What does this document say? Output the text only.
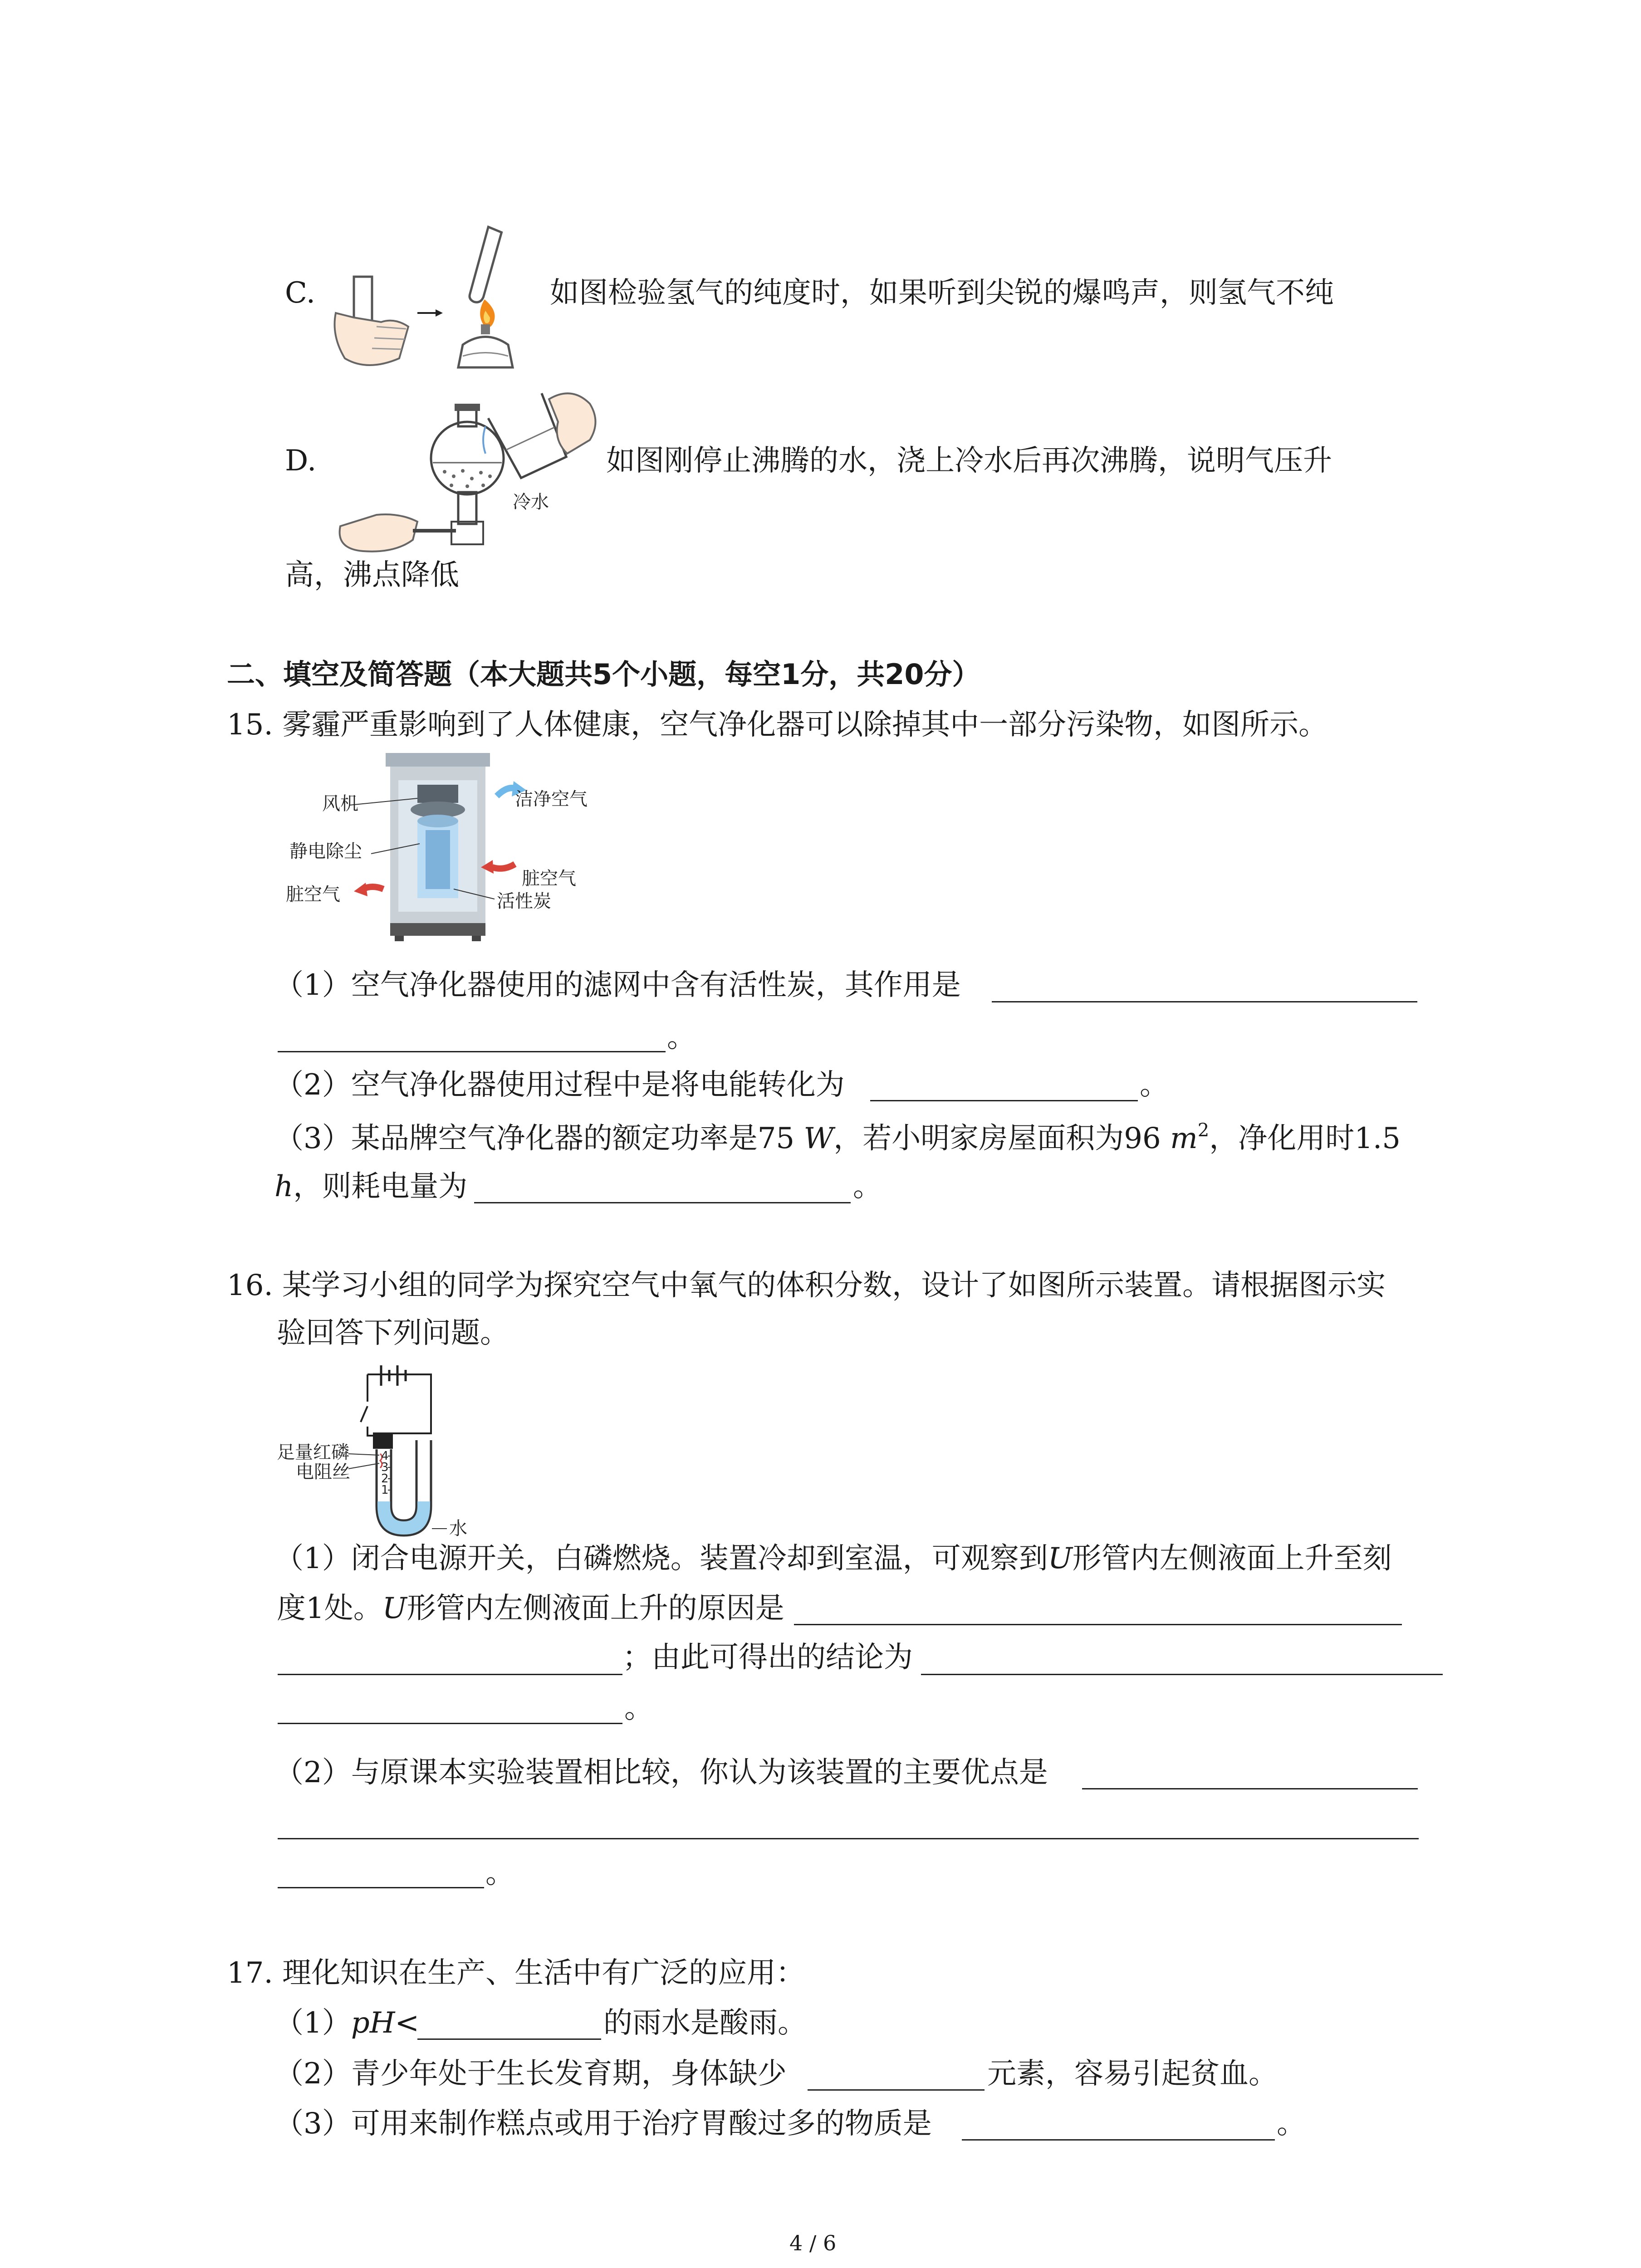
C.	如图检验氢气的纯度时，如果听到尖锐的爆鸣声，则氢气不纯
D.
冷水
如图刚停止沸腾的水，浇上冷水后再次沸腾，说明气压升
高，沸点降低
二、填空及简答题（本大题共5个小题，每空1分，共20分）
15. 雾霾严重影响到了人体健康，空气净化器可以除掉其中一部分污染物，如图所示。
风机	洁净空气
静电除尘
脏空气
脏空气
活性炭
（1）空气净化器使用的滤网中含有活性炭，其作用是
。
（2）空气净化器使用过程中是将电能转化为	。
（3）某品牌空气净化器的额定功率是75 W，若小明家房屋面积为96 $m^2$，净化用时1.5
h，则耗电量为	。
16. 某学习小组的同学为探究空气中氧气的体积分数，设计了如图所示装置。请根据图示实
验回答下列问题。
4
3
2
1
足量红磷
电阻丝
水
（1）闭合电源开关，白磷燃烧。装置冷却到室温，可观察到U形管内左侧液面上升至刻
度1处。U形管内左侧液面上升的原因是
；由此可得出的结论为
。
（2）与原课本实验装置相比较，你认为该装置的主要优点是
。
17. 理化知识在生产、生活中有广泛的应用：
（1）pH<	的雨水是酸雨。
（2）青少年处于生长发育期，身体缺少	元素，容易引起贫血。
（3）可用来制作糕点或用于治疗胃酸过多的物质是	。
4 / 6
